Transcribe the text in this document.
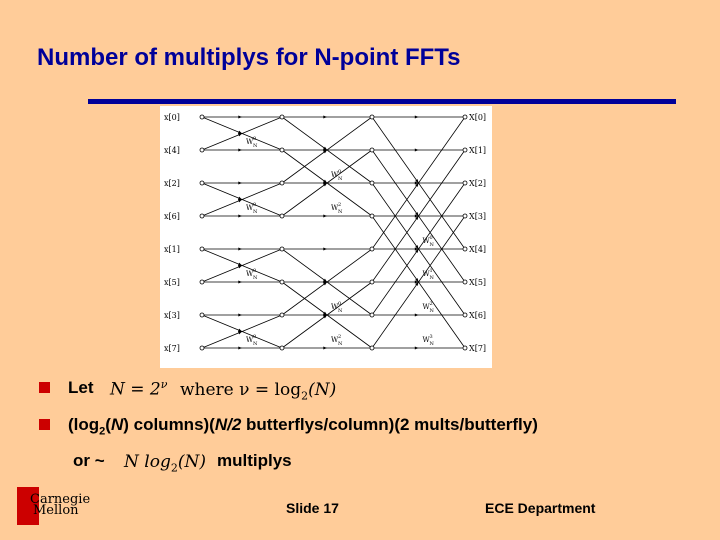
Number of multiplys for N-point FFTs
x[0]
x[4]
x[2]
x[6]
x[1]
x[5]
x[3]
x[7]
X[0]
X[1]
X[2]
X[3]
X[4]
X[5]
X[6]
X[7]
W N
0
W N
0
W N
0
W N
0
W N
0
W N
2
W N
0
W N
2
W N
0
W N
1
W N
2
W N
3
Let $N = 2^\nu$ where $\nu = \log_2(N)$
($\log_2(N)$ columns)(N/2 butterflys/column)(2 mults/butterfly)
or ~ N $\log_2(N)$ multiplys
Carnegie
Mellon	Slide 17	ECE Department
